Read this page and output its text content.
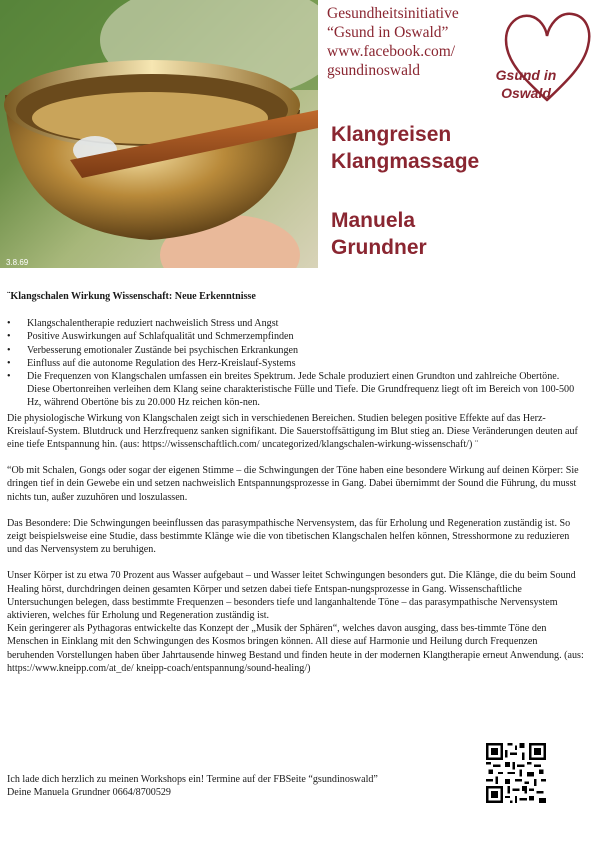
3.8.69
Gesundheitsinitiative
“Gsund in Oswald”
www.facebook.com/
gsundinoswald	Gsund in
Oswald
Klangreisen
Klangmassage
Manuela
Grundner

¨Klangschalen Wirkung Wissenschaft: Neue Erkenntnisse

• Klangschalentherapie reduziert nachweislich Stress und Angst
• Positive Auswirkungen auf Schlafqualität und Schmerzempfinden
• Verbesserung emotionaler Zustände bei psychischen Erkrankungen
• Einfluss auf die autonome Regulation des Herz-Kreislauf-Systems
• Die Frequenzen von Klangschalen umfassen ein breites Spektrum. Jede Schale produziert einen Grundton und zahlreiche Obertöne. Diese Obertonreihen verleihen dem Klang seine charakteristische Fülle und Tiefe. Die Grundfrequenz liegt oft im Bereich von 100-500 Hz, während Obertöne bis zu 20.000 Hz reichen kön-nen.

Die physiologische Wirkung von Klangschalen zeigt sich in verschiedenen Bereichen. Studien belegen positive Effekte auf das Herz-Kreislauf-System. Blutdruck und Herzfrequenz sanken signifikant. Die Sauerstoffsättigung im Blut stieg an. Diese Veränderungen deuten auf eine tiefe Entspannung hin. (aus: https://wissenschaftlich.com/ uncategorized/klangschalen-wirkung-wissenschaft/) ¨

“Ob mit Schalen, Gongs oder sogar der eigenen Stimme – die Schwingungen der Töne haben eine besondere Wirkung auf deinen Körper: Sie dringen tief in dein Gewebe ein und setzen nachweislich Entspannungsprozesse in Gang. Dabei übernimmt der Sound die Führung, du musst nichts tun, außer zuzuhören und loszulassen.

Das Besondere: Die Schwingungen beeinflussen das parasympathische Nervensystem, das für Erholung und Regeneration zuständig ist. So zeigt beispielsweise eine Studie, dass bestimmte Klänge wie die von tibetischen Klangschalen helfen können, Stresshormone zu reduzieren und das Nervensystem zu beruhigen.

Unser Körper ist zu etwa 70 Prozent aus Wasser aufgebaut – und Wasser leitet Schwingungen besonders gut. Die Klänge, die du beim Sound Healing hörst, durchdringen deinen gesamten Körper und setzen dabei tiefe Entspan-nungsprozesse in Gang. Wissenschaftliche Untersuchungen belegen, dass bestimmte Frequenzen – besonders tiefe und langanhaltende Töne – das parasympathische Nervensystem aktivieren, welches für Erholung und Regeneration zuständig ist.

Kein geringerer als Pythagoras entwickelte das Konzept der „Musik der Sphären“, welches davon ausging, dass bes-timmte Töne den Menschen in Einklang mit den Schwingungen des Kosmos bringen können. All diese auf Harmonie und Heilung durch Frequenzen beruhenden Vorstellungen haben über Jahrtausende hinweg Bestand und finden heute in der modernen Klangtherapie erneut Anwendung. (aus: https://www.kneipp.com/at_de/ kneipp-coach/entspannung/sound-healing/)

Ich lade dich herzlich zu meinen Workshops ein! Termine auf der FBSeite “gsundinoswald”

Deine Manuela Grundner 0664/8700529
